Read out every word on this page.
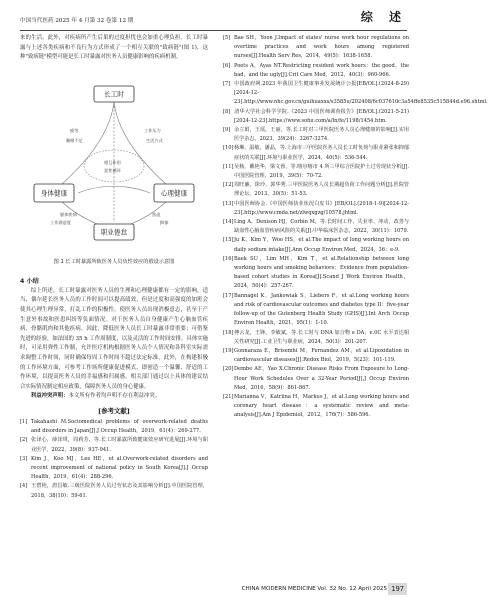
中国当代医药 2025 年 4 月第 32 卷第 12 期	综 述

来的生活。此外，对疾病所产生后果的过度担忧也会加重心理负担。长工时暴露与上述各类疾病和不良行为方式形成了一个相互关联的"致病链"(图 1)，这种"致病链"模型可能是长工时暴露对医务人员健康影响的疾病机制。

长工时
身体健康	心理健康
职业倦怠
疲劳
睡眠不足
工作压力
生活方式
躯体疾病	焦虑
抑郁
工作满意度
相互作用
恶性循环
图 1 长工时暴露所致医务人员负性效应的假设示意图
4 小结

综上所述，长工时暴露对医务人员的生理和心理健康都有一定的影响，适当、偶尔延长医务人员的工作时间可以提高绩效，但是过度和高强度的加班会使其心理生理异常，打乱工作的积极性。使医务人员出现消极意志，甚至于产生意外事故和医患纠纷等负面情况。对于医务人员自身健康产生心脑血管疾病、骨骼肌肉和其他疾病。因此，降低医务人员长工时暴露非常重要；可借鉴先进的经验，如法国的 35 h 工作周制度，以及灵活的工作时间安排。具体实施时，可采用弹性工作制，允许医疗机构根据医务人员个人情况和各科室实际需求调整工作时间，同时确保每周工作时间不超过法定标准。此外，在构建积极的工作环境方面，可参考工作场所健康促进模式，即创造一个温馨、舒适的工作环境，以提高医务人员的幸福感和归属感。相关部门通过以上具体的建议结合实际情况制定相应政策，保障医务人员的身心健康。

利益冲突声明：本文所有作者均声明不存在利益冲突。

[参考文献]
[1] Takahashi M.Sociomedical problems of overwork-related deaths and disorders in Japan[J].J Occup Health，2019，61(4)：269-277.
[2] 张译心，薛泽琪，周莉芳，等.长工时暴露所致健康效应研究进展[J].环境与职业医学，2022，39(8)：937-941.
[3] Kim J，Koo MJ，Lee HE，et al.Overwork-related disorders and recent improvement of national policy in South Korea[J].J Occup Health，2019，61(4)：288-296.
[4] 王碧艳，唐昌敏.三级医院医务人员过劳状态及其影响分析[J].中国医院管理，2018，38(10)：59-61.
[5] Bae SH，Yoon J.Impact of states' nurse work hour regulations on overtime practices and work hours among registered nurses[J].Health Serv Res，2014，49(5)：1638-1658.
[6] Poets A，Ayas NT.Restricting resident work hours：the good，the bad，and the ugly[J].Crit Care Med，2012，40(3)：960-966.
[7] 中国政府网.2023 年我国卫生健康事业发展统计公报[EB/OL].(2024-8-29)[2024-12-23].http://www.nhc.gov.cn/guihuaxxs/s3585u/202408/6c037610c3a54ffe8535c515844d.e96.shtml.
[8] 清华大学社会科学学院.《2023 中国医师调查报告》[EB/OL].(2021-5-21)[2024-12-23].https://www.sohu.com/a/ln/fe/1198/1454.htm.
[9] 余立娟，王瑶，王丽，等.长工时对三甲医院医务人员心理健康的影响[J].实用医学杂志，2023，39(24)：3267-3274.
[10]杨琳，温敏，潘晶，等.上海市三甲医院医务人员长工时负荷与职业紧张和抑郁症状的关联[J].环境与职业医学，2024，40(5)：536-544.
[11]吴杨，戴艳华，梁文蓉，等.喀尔喀市 4 所三甲综合医院护士过劳现状分析[J].中国医院管理，2019，39(5)：70-72.
[12]周旺廉，徐玲，郭华秀.三甲医院医务人员长期超负荷工作问题分析[J].医院管理论坛，2013，30(5)：51-53.
[13]中国医师协会.《中国医师执业状况白皮书》[EB/OL].(2018-1-9)[2024-12-23].http://www.cmda.net/zlwqxgzg/10578.jhtml.
[14]Ling A，Denison HJ，Corbin M，等.长时间工作、失业率、冲动，改善与缺血性心脑血管疾病风险的关系[J].中华临床医杂志，2022，30(11)：1079.
[15]Ju K，Kim Y，Woo HS，et al.The impact of long working hours on daily sodium intake[J].Ann Occup Environ Med，2024，36：e-9.
[16]Baek SU，Lim MH，Kim T，et al.Relationship between long working hours and smoking behaviors：Evidence from population-based cohort studies in Korea[J].Scand J Work Environ Health，2024，50(4)：257-267.
[17]Bannagel K，Jankowiak S，Liebers F，et al.Long working hours and risk of cardiovascular outcomes and diabetes type II：five-year follow-up of the Gutenberg Health Study (GHS)[J].Int Arch Occup Environ Health，2021，95(1)：1-10.
[18]傅云龙，王锋，李敏斌，等.长工时与 DNA 加合物 e DA，e.0C 水平表达相关性研究[J].工业卫生与职业病，2024，50(3)：201-207.
[19]Gonnaraza E，Brisemhi M，Fernandez AM，et al.Lipoxidation in cardiovascular diseases[J].Redox Biol，2019，5(23)：101-119.
[20]Dembe AE，Yao X.Chronic Disease Risks From Exposure to Long-Hour Work Schedules Over a 32-Year Period[J].J Occup Environ Med，2016，58(9)：861-867.
[21]Marianna V，Katriina H，Markus J，et al.Long working hours and coronary heart disease：a systematic review and meta-analysis[J].Am J Epidemiol，2012，176(7)：586-596.
CHINA MODERN MEDICINE Vol. 32 No. 12 April 2025 197
